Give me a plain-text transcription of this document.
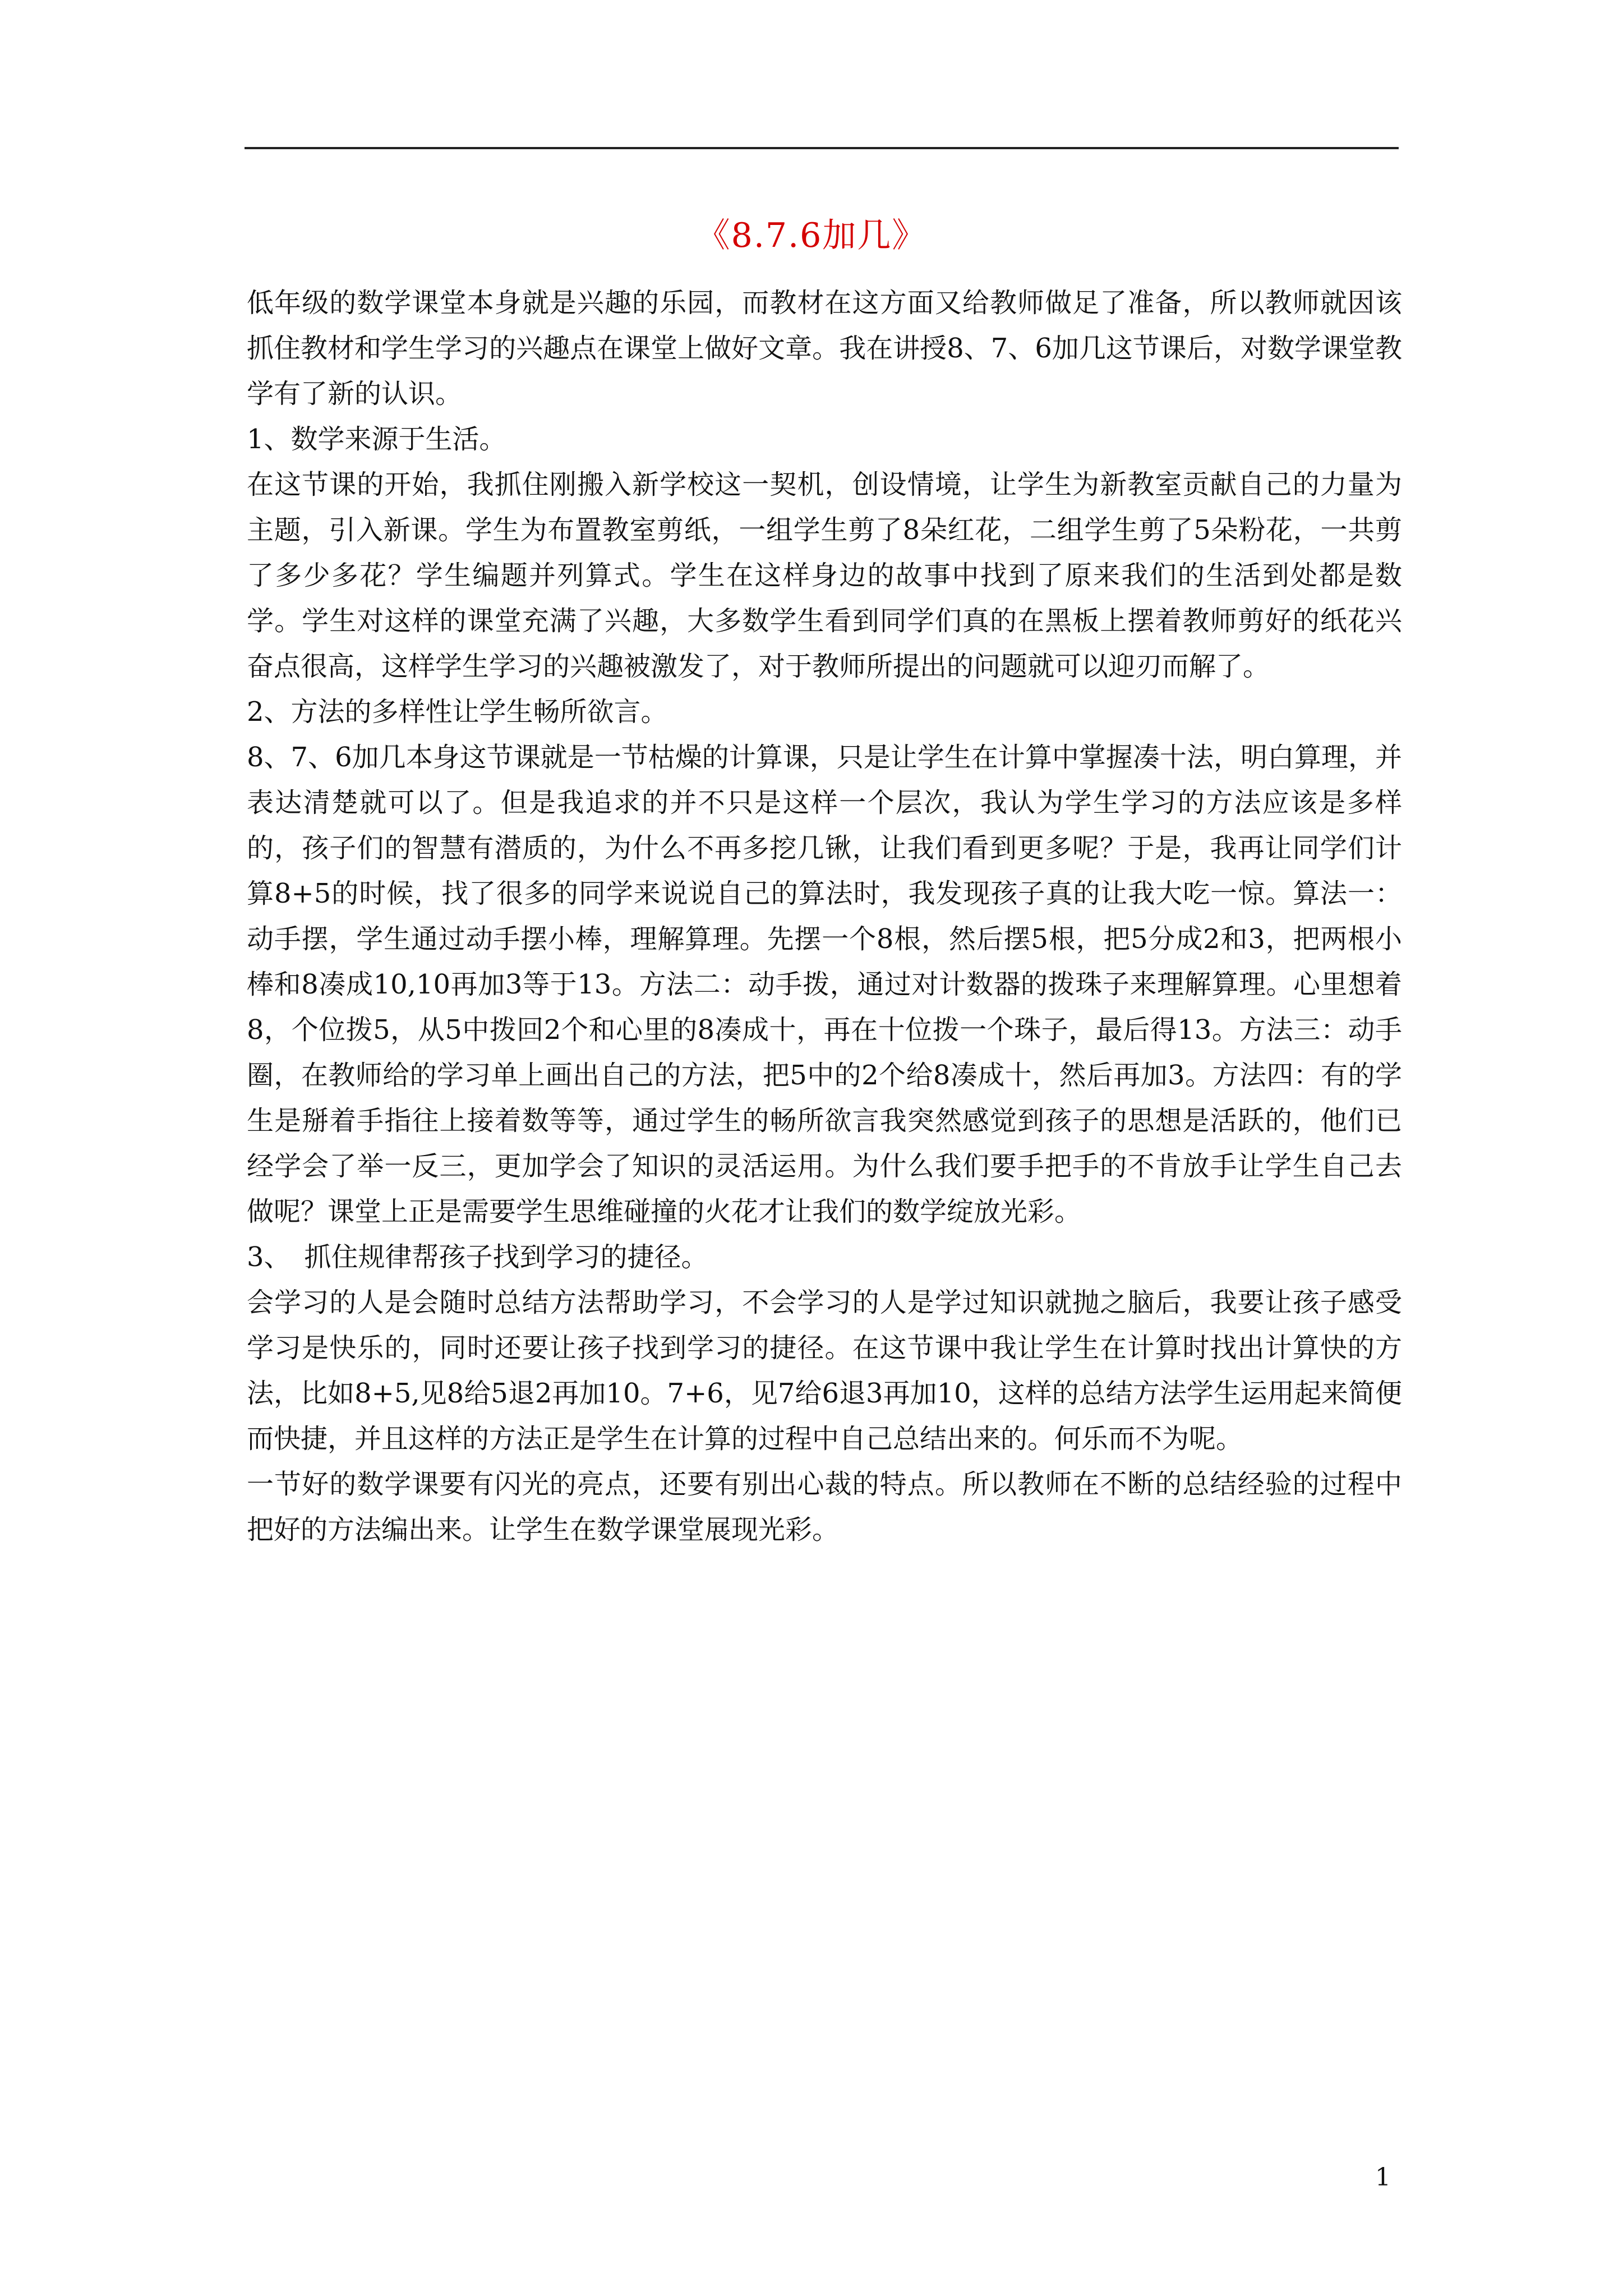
《8.7.6加几》

低年级的数学课堂本身就是兴趣的乐园，而教材在这方面又给教师做足了准备，所以教师就因该抓住教材和学生学习的兴趣点在课堂上做好文章。我在讲授8、7、6加几这节课后，对数学课堂教学有了新的认识。

1、数学来源于生活。

在这节课的开始，我抓住刚搬入新学校这一契机，创设情境，让学生为新教室贡献自己的力量为主题，引入新课。学生为布置教室剪纸，一组学生剪了8朵红花，二组学生剪了5朵粉花，一共剪了多少多花？学生编题并列算式。学生在这样身边的故事中找到了原来我们的生活到处都是数学。学生对这样的课堂充满了兴趣，大多数学生看到同学们真的在黑板上摆着教师剪好的纸花兴奋点很高，这样学生学习的兴趣被激发了，对于教师所提出的问题就可以迎刃而解了。

2、方法的多样性让学生畅所欲言。

8、7、6加几本身这节课就是一节枯燥的计算课，只是让学生在计算中掌握凑十法，明白算理，并表达清楚就可以了。但是我追求的并不只是这样一个层次，我认为学生学习的方法应该是多样的，孩子们的智慧有潜质的，为什么不再多挖几锹，让我们看到更多呢？于是，我再让同学们计算8+5的时候，找了很多的同学来说说自己的算法时，我发现孩子真的让我大吃一惊。算法一：动手摆，学生通过动手摆小棒，理解算理。先摆一个8根，然后摆5根，把5分成2和3，把两根小棒和8凑成10,10再加3等于13。方法二：动手拨，通过对计数器的拨珠子来理解算理。心里想着8，个位拨5，从5中拨回2个和心里的8凑成十，再在十位拨一个珠子，最后得13。方法三：动手圈，在教师给的学习单上画出自己的方法，把5中的2个给8凑成十，然后再加3。方法四：有的学生是掰着手指往上接着数等等，通过学生的畅所欲言我突然感觉到孩子的思想是活跃的，他们已经学会了举一反三，更加学会了知识的灵活运用。为什么我们要手把手的不肯放手让学生自己去做呢？课堂上正是需要学生思维碰撞的火花才让我们的数学绽放光彩。

3、　抓住规律帮孩子找到学习的捷径。

会学习的人是会随时总结方法帮助学习，不会学习的人是学过知识就抛之脑后，我要让孩子感受学习是快乐的，同时还要让孩子找到学习的捷径。在这节课中我让学生在计算时找出计算快的方法，比如8+5,见8给5退2再加10。7+6，见7给6退3再加10，这样的总结方法学生运用起来简便而快捷，并且这样的方法正是学生在计算的过程中自己总结出来的。何乐而不为呢。

一节好的数学课要有闪光的亮点，还要有别出心裁的特点。所以教师在不断的总结经验的过程中把好的方法编出来。让学生在数学课堂展现光彩。

1
